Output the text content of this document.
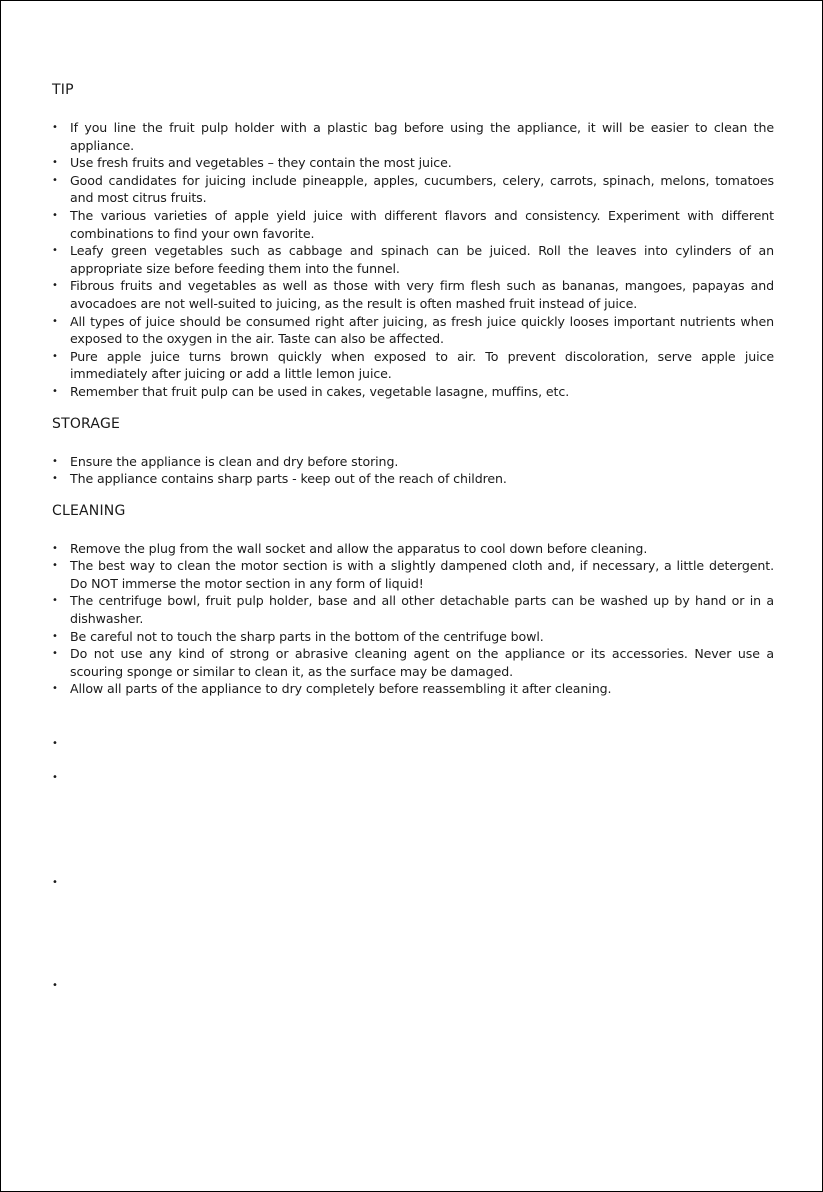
TIP
• If you line the fruit pulp holder with a plastic bag before using the appliance, it will be easier to clean the appliance.
• Use fresh fruits and vegetables – they contain the most juice.
• Good candidates for juicing include pineapple, apples, cucumbers, celery, carrots, spinach, melons, tomatoes and most citrus fruits.
• The various varieties of apple yield juice with different flavors and consistency. Experiment with different combinations to find your own favorite.
• Leafy green vegetables such as cabbage and spinach can be juiced. Roll the leaves into cylinders of an appropriate size before feeding them into the funnel.
• Fibrous fruits and vegetables as well as those with very firm flesh such as bananas, mangoes, papayas and avocadoes are not well-suited to juicing, as the result is often mashed fruit instead of juice.
• All types of juice should be consumed right after juicing, as fresh juice quickly looses important nutrients when exposed to the oxygen in the air. Taste can also be affected.
• Pure apple juice turns brown quickly when exposed to air. To prevent discoloration, serve apple juice immediately after juicing or add a little lemon juice.
• Remember that fruit pulp can be used in cakes, vegetable lasagne, muffins, etc.
STORAGE
• Ensure the appliance is clean and dry before storing.
• The appliance contains sharp parts - keep out of the reach of children.
CLEANING
• Remove the plug from the wall socket and allow the apparatus to cool down before cleaning.
• The best way to clean the motor section is with a slightly dampened cloth and, if necessary, a little detergent. Do NOT immerse the motor section in any form of liquid!
• The centrifuge bowl, fruit pulp holder, base and all other detachable parts can be washed up by hand or in a dishwasher.
• Be careful not to touch the sharp parts in the bottom of the centrifuge bowl.
• Do not use any kind of strong or abrasive cleaning agent on the appliance or its accessories. Never use a scouring sponge or similar to clean it, as the surface may be damaged.
• Allow all parts of the appliance to dry completely before reassembling it after cleaning.
•
•
•
•
